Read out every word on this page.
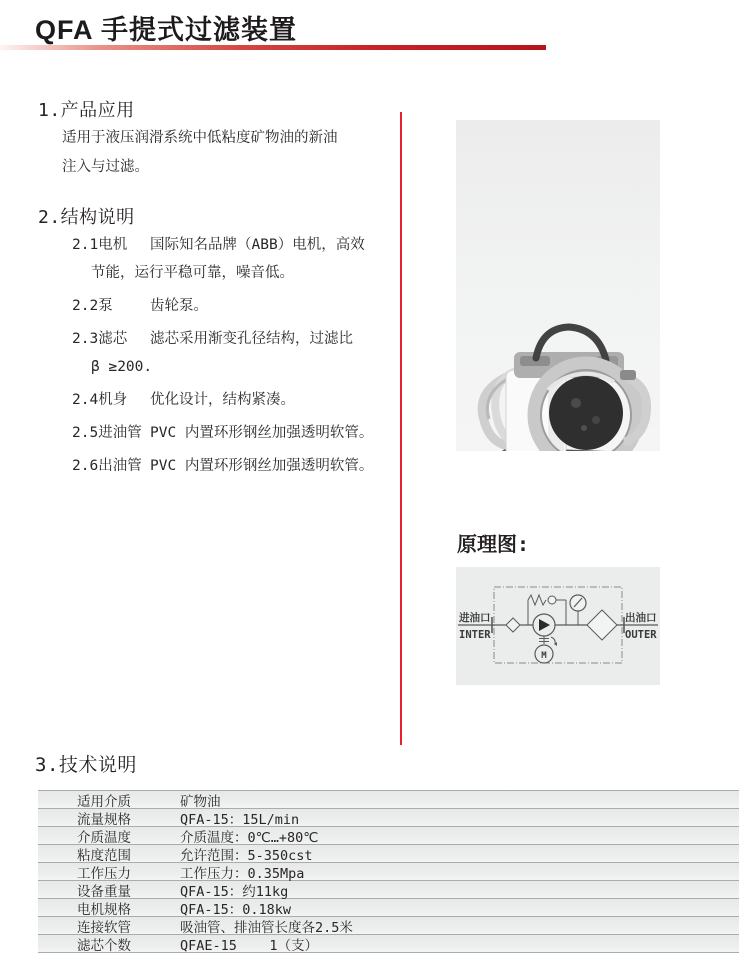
QFA 手提式过滤装置
1.产品应用
适用于液压润滑系统中低粘度矿物油的新油
注入与过滤。
2.结构说明
2.1电机	国际知名品牌（ABB）电机，高效
节能，运行平稳可靠，噪音低。
2.2泵	齿轮泵。
2.3滤芯	滤芯采用渐变孔径结构，过滤比
β ≥200.
2.4机身	优化设计，结构紧凑。
2.5进油管 PVC 内置环形钢丝加强透明软管。
2.6出油管 PVC 内置环形钢丝加强透明软管。
原理图:
M
进油口
INTER
出油口
OUTER
3.技术说明
适用介质	矿物油
流量规格	QFA-15：15L/min
介质温度	介质温度：0℃…+80℃
粘度范围	允许范围：5-350cst
工作压力	工作压力：0.35Mpa
设备重量	QFA-15：约11kg
电机规格	QFA-15：0.18kw
连接软管	吸油管、排油管长度各2.5米
滤芯个数	QFAE-15    1（支）
